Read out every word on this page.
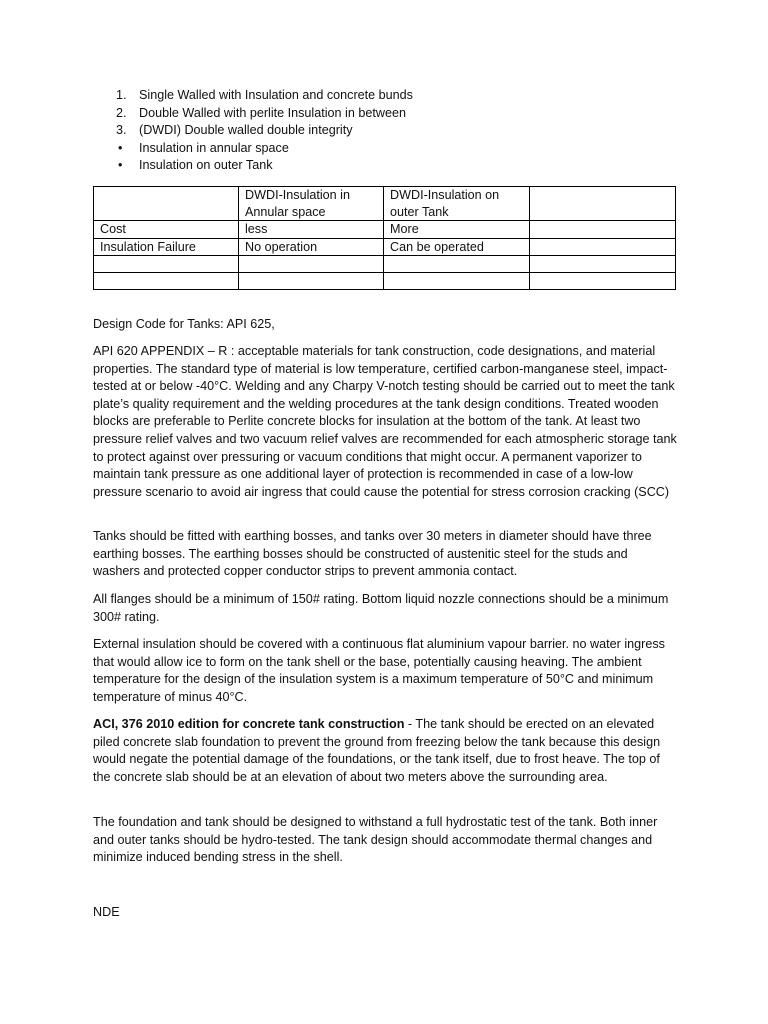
1. Single Walled with Insulation and concrete bunds
2. Double Walled with perlite Insulation in between
3. (DWDI) Double walled double integrity
•	Insulation in annular space
•	Insulation on outer Tank
	DWDI-Insulation in Annular space	DWDI-Insulation on outer Tank	
Cost	less	More	
Insulation Failure	No operation	Can be operated	

Design Code for Tanks: API 625,

API 620 APPENDIX – R : acceptable materials for tank construction, code designations, and material properties. The standard type of material is low temperature, certified carbon-manganese steel, impact-tested at or below -40°C. Welding and any Charpy V-notch testing should be carried out to meet the tank plate’s quality requirement and the welding procedures at the tank design conditions. Treated wooden blocks are preferable to Perlite concrete blocks for insulation at the bottom of the tank. At least two pressure relief valves and two vacuum relief valves are recommended for each atmospheric storage tank to protect against over pressuring or vacuum conditions that might occur. A permanent vaporizer to maintain tank pressure as one additional layer of protection is recommended in case of a low-low pressure scenario to avoid air ingress that could cause the potential for stress corrosion cracking (SCC)

Tanks should be fitted with earthing bosses, and tanks over 30 meters in diameter should have three earthing bosses. The earthing bosses should be constructed of austenitic steel for the studs and washers and protected copper conductor strips to prevent ammonia contact.

All flanges should be a minimum of 150# rating. Bottom liquid nozzle connections should be a minimum 300# rating.

External insulation should be covered with a continuous flat aluminium vapour barrier. no water ingress that would allow ice to form on the tank shell or the base, potentially causing heaving. The ambient temperature for the design of the insulation system is a maximum temperature of 50°C and minimum temperature of minus 40°C.

ACI, 376 2010 edition for concrete tank construction - The tank should be erected on an elevated piled concrete slab foundation to prevent the ground from freezing below the tank because this design would negate the potential damage of the foundations, or the tank itself, due to frost heave. The top of the concrete slab should be at an elevation of about two meters above the surrounding area.

The foundation and tank should be designed to withstand a full hydrostatic test of the tank. Both inner and outer tanks should be hydro-tested. The tank design should accommodate thermal changes and minimize induced bending stress in the shell.

NDE
